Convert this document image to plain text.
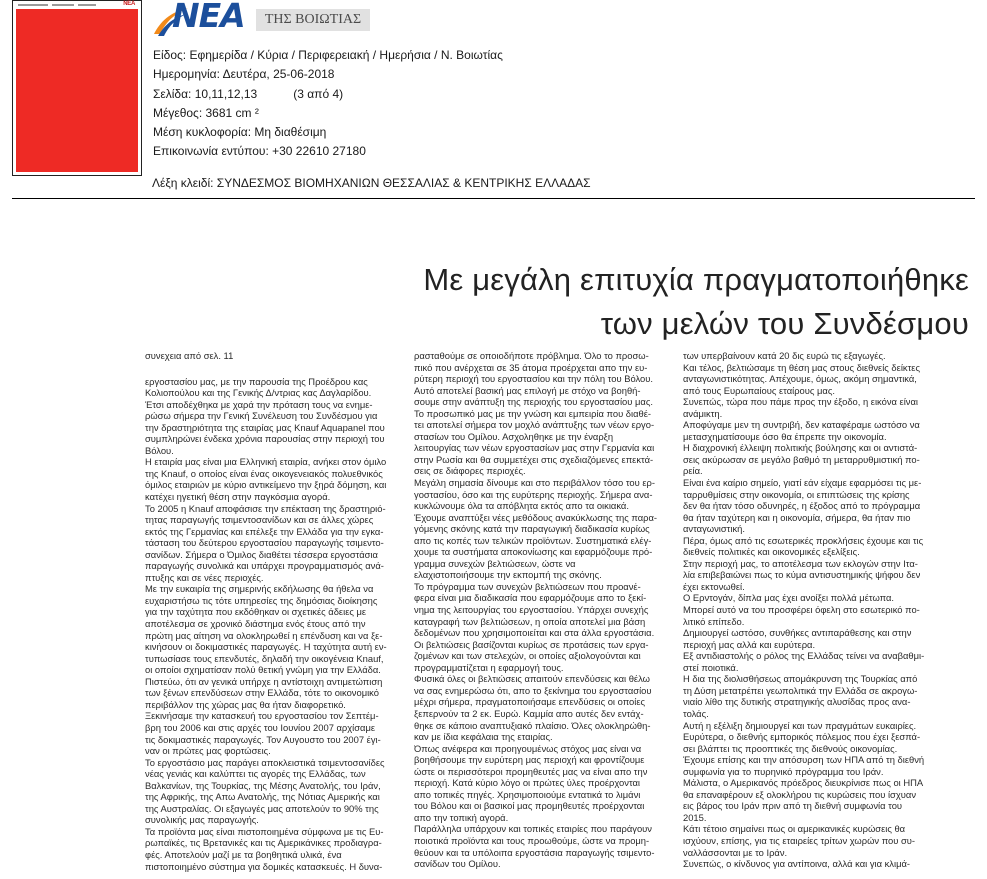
NEA ΝΕΑ	ΤΗΣ ΒΟΙΩΤΙΑΣ
Είδος: Εφημερίδα / Κύρια / Περιφερειακή / Ημερήσια / Ν. Βοιωτίας
Ημερομηνία: Δευτέρα, 25-06-2018
Σελίδα: 10,11,12,13	(3 από 4)
Μέγεθος: 3681 cm ²
Μέση κυκλοφορία: Μη διαθέσιμη
Επικοινωνία εντύπου: +30 22610 27180
Λέξη κλειδί: ΣΥΝΔΕΣΜΟΣ ΒΙΟΜΗΧΑΝΙΩΝ ΘΕΣΣΑΛΙΑΣ & ΚΕΝΤΡΙΚΗΣ ΕΛΛΑΔΑΣ
Με μεγάλη επιτυχία πραγματοποιήθηκε
των μελών του Συνδέσμου

συνεχεια από σελ. 11

εργοστασίου μας, με την παρουσία της Προέδρου κας

Κολιοπούλου και της Γενικής Δ/ντριας κας Δαγλαρίδου.

Έτσι αποδέχθηκα με χαρά την πρόταση τους να ενημε-

ρώσω σήμερα την Γενική Συνέλευση του Συνδέσμου για

την δραστηριότητα της εταιρίας μας Knauf Aquapanel που

συμπληρώνει ένδεκα χρόνια παρουσίας στην περιοχή του

Βόλου.

Η εταιρία μας είναι μια Ελληνική εταιρία, ανήκει στον όμιλο

της Knauf, ο οποίος είναι ένας οικογενειακός πολυεθνικός

όμιλος εταιριών με κύριο αντικείμενο την ξηρά δόμηση, και

κατέχει ηγετική θέση στην παγκόσμια αγορά.

Το 2005 η Knauf αποφάσισε την επέκταση της δραστηριό-

τητας παραγωγής τσιμεντοσανίδων και σε άλλες χώρες

εκτός της Γερμανίας και επέλεξε την Ελλάδα για την εγκα-

τάσταση του δεύτερου εργοστασίου παραγωγής τσιμεντο-

σανίδων. Σήμερα ο Όμιλος διαθέτει τέσσερα εργοστάσια

παραγωγής συνολικά και υπάρχει προγραμματισμός ανά-

πτυξης και σε νέες περιοχές.

Με την ευκαιρία της σημερινής εκδήλωσης θα ήθελα να

ευχαριστήσω τις τότε υπηρεσίες της δημόσιας διοίκησης

για την ταχύτητα που εκδόθηκαν οι σχετικές άδειες με

αποτέλεσμα σε χρονικό διάστημα ενός έτους από την

πρώτη μας αίτηση να ολοκληρωθεί η επένδυση και να ξε-

κινήσουν οι δοκιμαστικές παραγωγές. Η ταχύτητα αυτή εν-

τυπωσίασε τους επενδυτές, δηλαδή την οικογένεια Knauf,

οι οποίοι σχηματίσαν πολύ θετική γνώμη για την Ελλάδα.

Πιστεύω, ότι αν γενικά υπήρχε η αντίστοιχη αντιμετώπιση

των ξένων επενδύσεων στην Ελλάδα, τότε το οικονομικό

περιβάλλον της χώρας μας θα ήταν διαφορετικό.

Ξεκινήσαμε την κατασκευή του εργοστασίου τον Σεπτέμ-

βρη του 2006 και στις αρχές του Ιουνίου 2007 αρχίσαμε

τις δοκιμαστικές παραγωγές. Τον Αυγουστο του 2007 έγι-

ναν οι πρώτες μας φορτώσεις.

Το εργοστάσιο μας παράγει αποκλειστικά τσιμεντοσανίδες

νέας γενιάς και καλύπτει τις αγορές της Ελλάδας, των

Βαλκανίων, της Τουρκίας, της Μέσης Ανατολής, του Ιράν,

της Αφρικής, της Απω Ανατολής, της Νότιας Αμερικής και

της Αυστραλίας. Οι εξαγωγές μας αποτελούν το 90% της

συνολικής μας παραγωγής.

Τα προϊόντα μας είναι πιστοποιημένα σύμφωνα με τις Ευ-

ρωπαϊκές, τις Βρετανικές και τις Αμερικάνικες προδιαγρα-

φές. Αποτελούν μαζί με τα βοηθητικά υλικά, ένα

πιστοποιημένο σύστημα για δομικές κατασκευές. Η δυνα-

ρασταθούμε σε οποιοδήποτε πρόβλημα. Όλο το προσω-

πικό που ανέρχεται σε 35 άτομα προέρχεται απο την ευ-

ρύτερη περιοχή του εργοστασίου και την πόλη του Βόλου.

Αυτό αποτελεί βασική μας επιλογή με στόχο να βοηθή-

σουμε στην ανάπτυξη της περιοχής του εργοστασίου μας.

Το προσωπικό μας με την γνώση και εμπειρία που διαθέ-

τει αποτελεί σήμερα τον μοχλό ανάπτυξης των νέων εργο-

στασίων του Ομίλου. Ασχοληθηκε με την έναρξη

λειτουργίας των νέων εργοστασίων μας στην Γερμανία και

στην Ρωσία και θα συμμετέχει στις σχεδιαζόμενες επεκτά-

σεις σε διάφορες περιοχές.

Μεγάλη σημασία δίνουμε και στο περιβάλλον τόσο του ερ-

γοστασίου, όσο και της ευρύτερης περιοχής. Σήμερα ανα-

κυκλώνουμε όλα τα απόβλητα εκτός απο τα οικιακά.

Έχουμε αναπτύξει νέες μεθόδους ανακύκλωσης της παρα-

γόμενης σκόνης κατά την παραγωγική διαδικασία κυρίως

απο τις κοπές των τελικών προϊόντων. Συστηματικά ελέγ-

χουμε τα συστήματα αποκονίωσης και εφαρμόζουμε πρό-

γραμμα συνεχών βελτιώσεων, ώστε να

ελαχιστοποιήσουμε την εκπομπή της σκόνης.

Το πρόγραμμα των συνεχών βελτιώσεων που προανέ-

φερα είναι μια διαδικασία που εφαρμόζουμε απο το ξεκί-

νημα της λειτουργίας του εργοστασίου. Υπάρχει συνεχής

καταγραφή των βελτιώσεων, η οποία αποτελεί μια βάση

δεδομένων που χρησιμοποιείται και στα άλλα εργοστάσια.

Οι βελτιώσεις βασίζονται κυρίως σε προτάσεις των εργα-

ζομένων και των στελεχών, οι οποίες αξιολογούνται και

προγραμματίζεται η εφαρμογή τους.

Φυσικά όλες οι βελτιώσεις απαιτούν επενδύσεις και θέλω

να σας ενημερώσω ότι, απο το ξεκίνημα του εργοστασίου

μέχρι σήμερα, πραγματοποιήσαμε επενδύσεις οι οποίες

ξεπερνούν τα 2 εκ. Ευρώ. Καμμία απο αυτές δεν εντάχ-

θηκε σε κάποιο αναπτυξιακό πλαίσιο. Όλες ολοκληρώθη-

καν με ίδια κεφάλαια της εταιρίας.

Όπως ανέφερα και προηγουμένως στόχος μας είναι να

βοηθήσουμε την ευρύτερη μας περιοχή και φροντίζουμε

ώστε οι περισσότεροι προμηθευτές μας να είναι απο την

περιοχή. Κατά κύριο λόγο οι πρώτες ύλες προέρχονται

απο τοπικές πηγές. Χρησιμοποιούμε εντατικά το λιμάνι

του Βόλου και οι βασικοί μας προμηθευτές προέρχονται

απο την τοπική αγορά.

Παράλληλα υπάρχουν και τοπικές εταιρίες που παράγουν

ποιοτικά προϊόντα και τους προωθούμε, ώστε να προμη-

θεύουν και τα υπόλοιπα εργοστάσια παραγωγής τσιμεντο-

σανίδων του Ομίλου.

των υπερβαίνουν κατά 20 δις ευρώ τις εξαγωγές.

Και τέλος, βελτιώσαμε τη θέση μας στους διεθνείς δείκτες

ανταγωνιστικότητας. Απέχουμε, όμως, ακόμη σημαντικά,

από τους Ευρωπαίους εταίρους μας.

Συνεπώς, τώρα που πάμε προς την έξοδο, η εικόνα είναι

ανάμικτη.

Αποφύγαμε μεν τη συντριβή, δεν καταφέραμε ωστόσο να

μετασχηματίσουμε όσο θα έπρεπε την οικονομία.

Η διαχρονική έλλειψη πολιτικής βούλησης και οι αντιστά-

σεις ακύρωσαν σε μεγάλο βαθμό τη μεταρρυθμιστική πο-

ρεία.

Είναι ένα καίριο σημείο, γιατί εάν είχαμε εφαρμόσει τις με-

ταρρυθμίσεις στην οικονομία, οι επιπτώσεις της κρίσης

δεν θα ήταν τόσο οδυνηρές, η έξοδος από το πρόγραμμα

θα ήταν ταχύτερη και η οικονομία, σήμερα, θα ήταν πιο

ανταγωνιστική.

Πέρα, όμως από τις εσωτερικές προκλήσεις έχουμε και τις

διεθνείς πολιτικές και οικονομικές εξελίξεις.

Στην περιοχή μας, το αποτέλεσμα των εκλογών στην Ιτα-

λία επιβεβαιώνει πως το κύμα αντισυστημικής ψήφου δεν

έχει εκτονωθεί.

Ο Ερντογάν, δίπλα μας έχει ανοίξει πολλά μέτωπα.

Μπορεί αυτό να του προσφέρει όφελη στο εσωτερικό πο-

λιτικό επίπεδο.

Δημιουργεί ωστόσο, συνθήκες αντιπαράθεσης και στην

περιοχή μας αλλά και ευρύτερα.

Εξ αντιδιαστολής ο ρόλος της Ελλάδας τείνει να αναβαθμι-

στεί ποιοτικά.

Η δια της διολισθήσεως απομάκρυνση της Τουρκίας από

τη Δύση μετατρέπει γεωπολιτικά την Ελλάδα σε ακρογω-

νιαίο λίθο της δυτικής στρατηγικής αλυσίδας προς ανα-

τολάς.

Αυτή η εξέλιξη δημιουργεί και των πραγμάτων ευκαιρίες.

Ευρύτερα, ο διεθνής εμπορικός πόλεμος που έχει ξεσπά-

σει βλάπτει τις προοπτικές της διεθνούς οικονομίας.

Έχουμε επίσης και την απόσυρση των ΗΠΑ από τη διεθνή

συμφωνία για το πυρηνικό πρόγραμμα του Ιράν.

Μάλιστα, ο Αμερικανός πρόεδρος διευκρίνισε πως οι ΗΠΑ

θα επαναφέρουν εξ ολοκλήρου τις κυρώσεις που ίσχυαν

εις βάρος του Ιράν πριν από τη διεθνή συμφωνία του

2015.

Κάτι τέτοιο σημαίνει πως οι αμερικανικές κυρώσεις θα

ισχύουν, επίσης, για τις εταιρείες τρίτων χωρών που συ-

ναλλάσσονται με το Ιράν.

Συνεπώς, ο κίνδυνος για αντίποινα, αλλά και για κλιμά-
